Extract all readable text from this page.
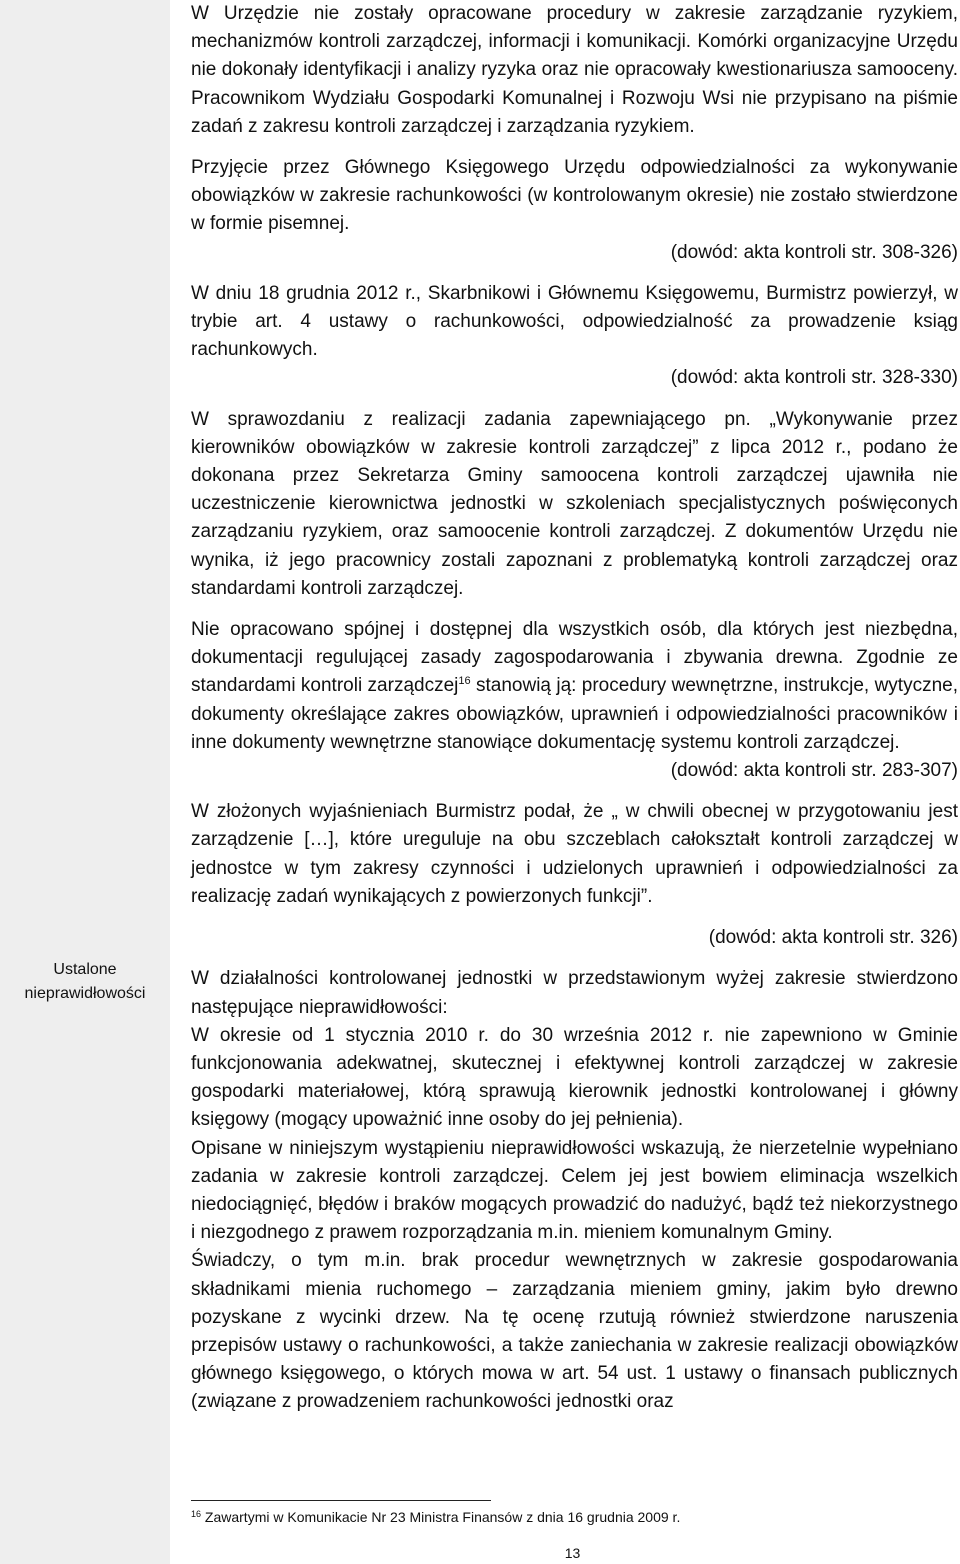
Ustalone nieprawidłowości

W Urzędzie nie zostały opracowane procedury w zakresie zarządzanie ryzykiem, mechanizmów kontroli zarządczej, informacji i komunikacji. Komórki organizacyjne Urzędu nie dokonały identyfikacji i analizy ryzyka oraz nie opracowały kwestionariusza samooceny. Pracownikom Wydziału Gospodarki Komunalnej i Rozwoju Wsi nie przypisano na piśmie zadań z zakresu kontroli zarządczej i zarządzania ryzykiem.

Przyjęcie przez Głównego Księgowego Urzędu odpowiedzialności za wykonywanie obowiązków w zakresie rachunkowości (w kontrolowanym okresie) nie zostało stwierdzone w formie pisemnej.
(dowód: akta kontroli str. 308-326)

W dniu 18 grudnia 2012 r., Skarbnikowi i Głównemu Księgowemu, Burmistrz powierzył, w trybie art. 4 ustawy o rachunkowości, odpowiedzialność za prowadzenie ksiąg rachunkowych.
(dowód: akta kontroli str. 328-330)

W sprawozdaniu z realizacji zadania zapewniającego pn. „Wykonywanie przez kierowników obowiązków w zakresie kontroli zarządczej” z lipca 2012 r., podano że dokonana przez Sekretarza Gminy samoocena kontroli zarządczej ujawniła nie uczestniczenie kierownictwa jednostki w szkoleniach specjalistycznych poświęconych zarządzaniu ryzykiem, oraz samoocenie kontroli zarządczej. Z dokumentów Urzędu nie wynika, iż jego pracownicy zostali zapoznani z problematyką kontroli zarządczej oraz standardami kontroli zarządczej.

Nie opracowano spójnej i dostępnej dla wszystkich osób, dla których jest niezbędna, dokumentacji regulującej zasady zagospodarowania i zbywania drewna. Zgodnie ze standardami kontroli zarządczej$^{16}$ stanowią ją: procedury wewnętrzne, instrukcje, wytyczne, dokumenty określające zakres obowiązków, uprawnień i odpowiedzialności pracowników i inne dokumenty wewnętrzne stanowiące dokumentację systemu kontroli zarządczej.

(dowód: akta kontroli str. 283-307)

W złożonych wyjaśnieniach Burmistrz podał, że „ w chwili obecnej w przygotowaniu jest zarządzenie […], które ureguluje na obu szczeblach całokształt kontroli zarządczej w jednostce w tym zakresy czynności i udzielonych uprawnień i odpowiedzialności za realizację zadań wynikających z powierzonych funkcji”.

(dowód: akta kontroli str. 326)

W działalności kontrolowanej jednostki w przedstawionym wyżej zakresie stwierdzono następujące nieprawidłowości:

W okresie od 1 stycznia 2010 r. do 30 września 2012 r. nie zapewniono w Gminie funkcjonowania adekwatnej, skutecznej i efektywnej kontroli zarządczej w zakresie gospodarki materiałowej, którą sprawują kierownik jednostki kontrolowanej i główny księgowy (mogący upoważnić inne osoby do jej pełnienia).

Opisane w niniejszym wystąpieniu nieprawidłowości wskazują, że nierzetelnie wypełniano zadania w zakresie kontroli zarządczej. Celem jej jest bowiem eliminacja wszelkich niedociągnięć, błędów i braków mogących prowadzić do nadużyć, bądź też niekorzystnego i niezgodnego z prawem rozporządzania m.in. mieniem komunalnym Gminy.

Świadczy, o tym m.in. brak procedur wewnętrznych w zakresie gospodarowania składnikami mienia ruchomego – zarządzania mieniem gminy, jakim było drewno pozyskane z wycinki drzew. Na tę ocenę rzutują również stwierdzone naruszenia przepisów ustawy o rachunkowości, a także zaniechania w zakresie realizacji obowiązków głównego księgowego, o których mowa w art. 54 ust. 1 ustawy o finansach publicznych (związane z prowadzeniem rachunkowości jednostki oraz

$^{16}$ Zawartymi w Komunikacie Nr 23 Ministra Finansów z dnia 16 grudnia 2009 r.
13
